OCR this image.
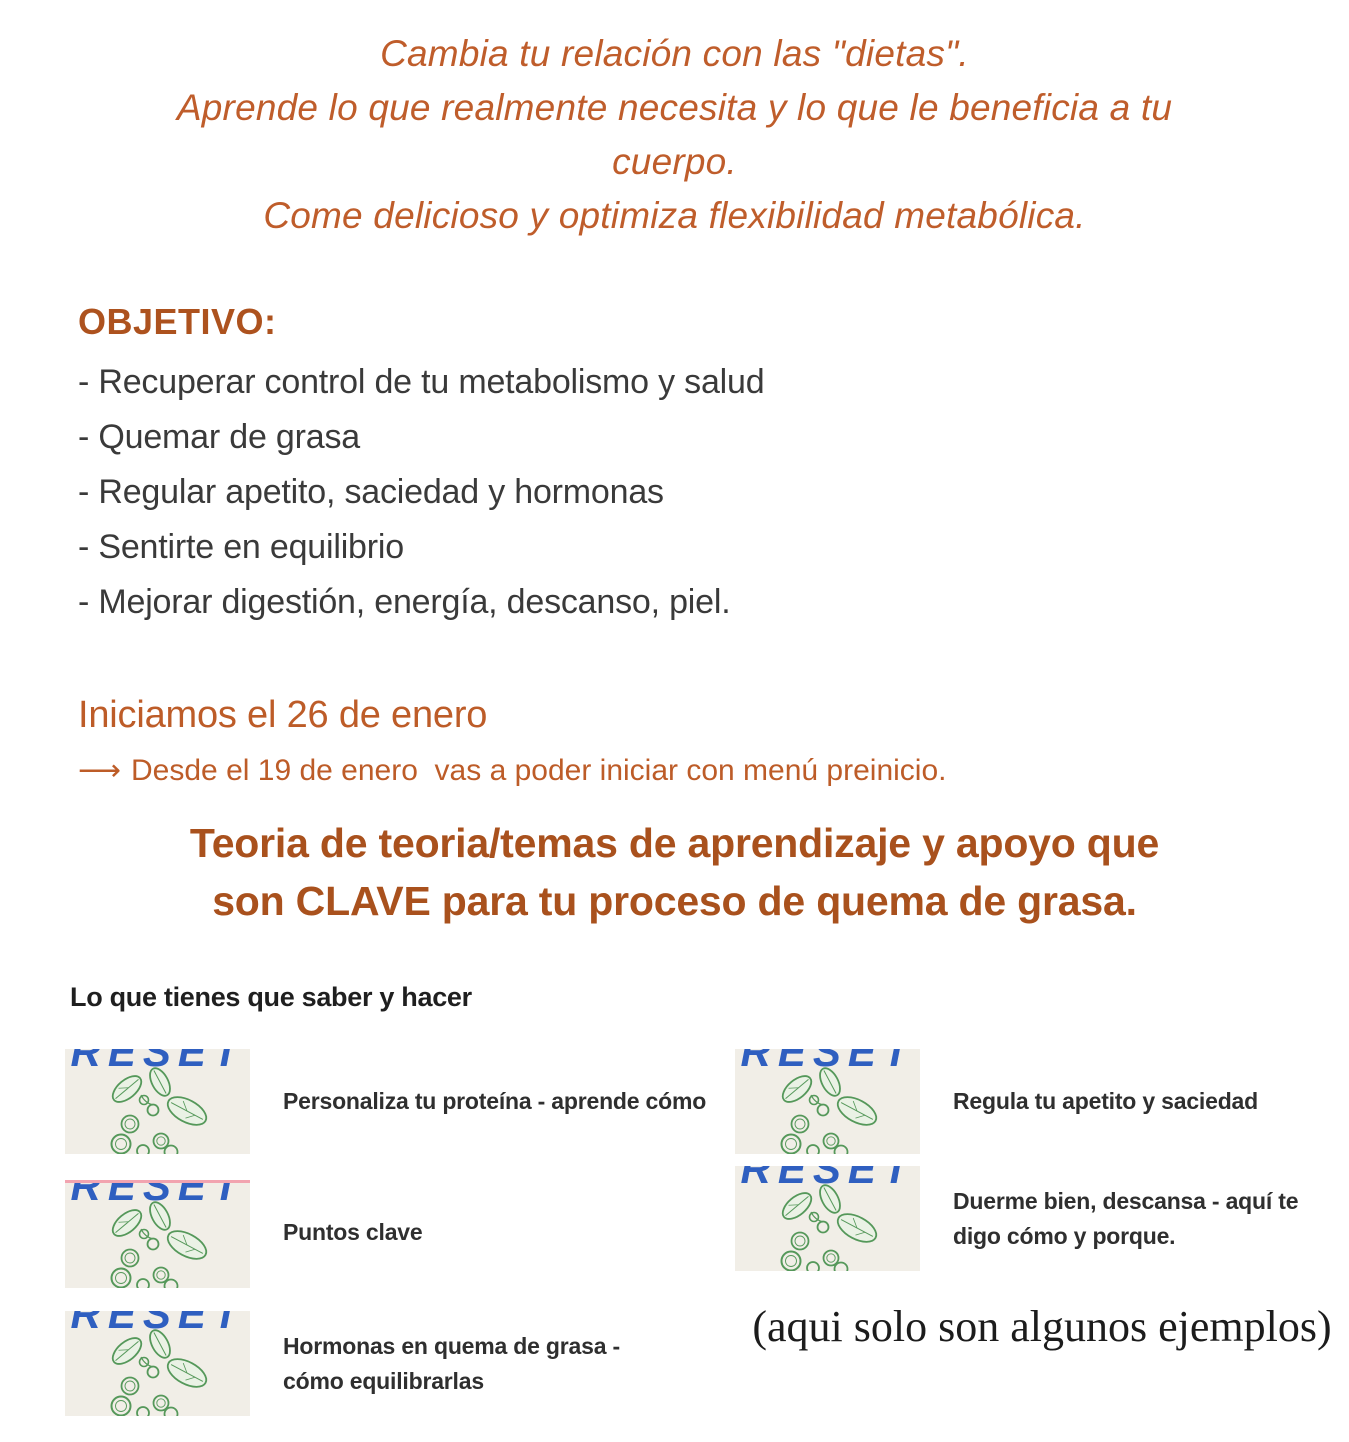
Cambia tu relación con las "dietas".
Aprende lo que realmente necesita y lo que le beneficia a tu
cuerpo.
Come delicioso y optimiza flexibilidad metabólica.
OBJETIVO:
- Recuperar control de tu metabolismo y salud
- Quemar de grasa
- Regular apetito, saciedad y hormonas
- Sentirte en equilibrio
- Mejorar digestión, energía, descanso, piel.
Iniciamos el 26 de enero
⟶ Desde el 19 de enero  vas a poder iniciar con menú preinicio.
Teoria de teoria/temas de aprendizaje y apoyo que
son CLAVE para tu proceso de quema de grasa.
Lo que tienes que saber y hacer
Personaliza tu proteína - aprende cómo
Puntos clave
Hormonas en quema de grasa - cómo equilibrarlas
Regula tu apetito y saciedad
Duerme bien, descansa - aquí te digo cómo y porque.
(aqui solo son algunos ejemplos)
